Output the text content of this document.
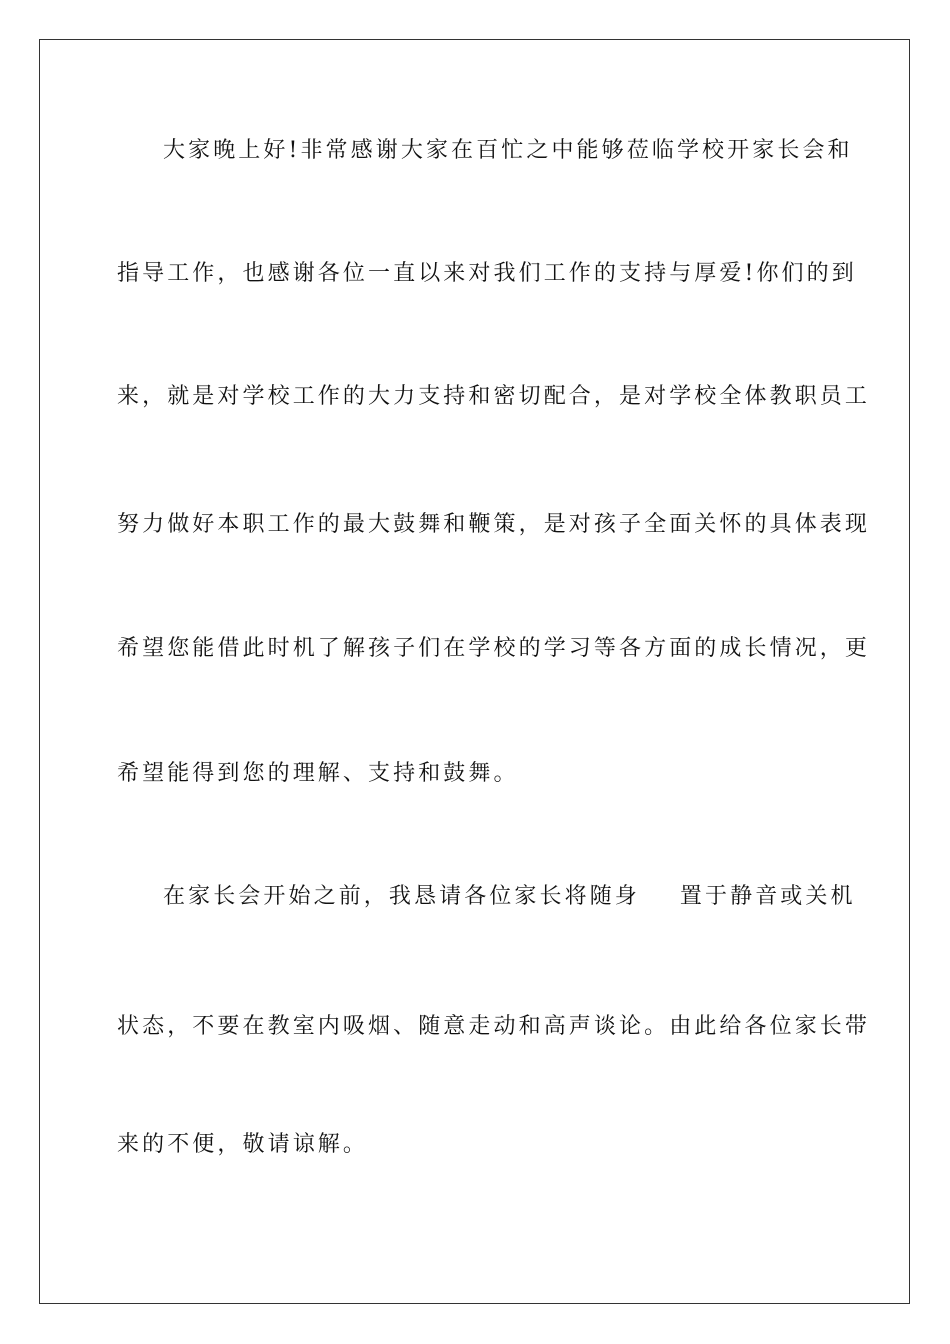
大家晚上好!非常感谢大家在百忙之中能够莅临学校开家长会和
指导工作，也感谢各位一直以来对我们工作的支持与厚爱!你们的到
来，就是对学校工作的大力支持和密切配合，是对学校全体教职员工
努力做好本职工作的最大鼓舞和鞭策，是对孩子全面关怀的具体表现
希望您能借此时机了解孩子们在学校的学习等各方面的成长情况，更
希望能得到您的理解、支持和鼓舞。
在家长会开始之前，我恳请各位家长将随身 置于静音或关机
状态，不要在教室内吸烟、随意走动和高声谈论。由此给各位家长带
来的不便，敬请谅解。
